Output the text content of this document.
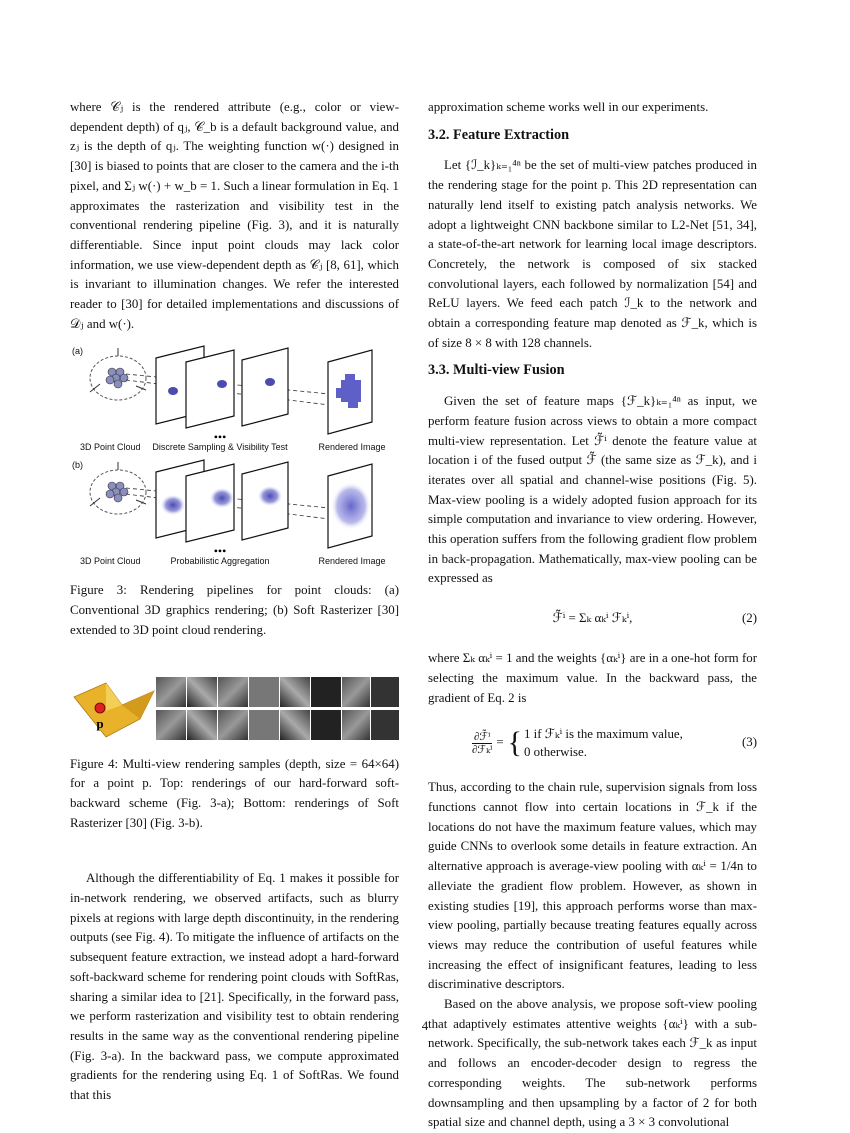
where 𝒞ⱼ is the rendered attribute (e.g., color or view-dependent depth) of qⱼ, 𝒞_b is a default background value, and zⱼ is the depth of qⱼ. The weighting function w(·) designed in [30] is biased to points that are closer to the camera and the i-th pixel, and Σⱼ w(·) + w_b = 1. Such a linear formulation in Eq. 1 approximates the rasterization and visibility test in the conventional rendering pipeline (Fig. 3), and it is naturally differentiable. Since input point clouds may lack color information, we use view-dependent depth as 𝒞ⱼ [8, 61], which is invariant to illumination changes. We refer the interested reader to [30] for detailed implementations and discussions of 𝒟ⱼ and w(·).

(a)
•••
3D Point Cloud Discrete Sampling & Visibility Test	Rendered Image
(b)
•••
3D Point Cloud	Probabilistic Aggregation	Rendered Image

Figure 3: Rendering pipelines for point clouds: (a) Conventional 3D graphics rendering; (b) Soft Rasterizer [30] extended to 3D point cloud rendering.

p

Figure 4: Multi-view rendering samples (depth, size = 64×64) for a point p. Top: renderings of our hard-forward soft-backward scheme (Fig. 3-a); Bottom: renderings of Soft Rasterizer [30] (Fig. 3-b).

Although the differentiability of Eq. 1 makes it possible for in-network rendering, we observed artifacts, such as blurry pixels at regions with large depth discontinuity, in the rendering outputs (see Fig. 4). To mitigate the influence of artifacts on the subsequent feature extraction, we instead adopt a hard-forward soft-backward scheme for rendering point clouds with SoftRas, sharing a similar idea to [21]. Specifically, in the forward pass, we perform rasterization and visibility test to obtain rendering results in the same way as the conventional rendering pipeline (Fig. 3-a). In the backward pass, we compute approximated gradients for the rendering using Eq. 1 of SoftRas. We found that this

approximation scheme works well in our experiments.

3.2. Feature Extraction

Let {ℐ_k}ₖ₌₁⁴ⁿ be the set of multi-view patches produced in the rendering stage for the point p. This 2D representation can naturally lend itself to existing patch analysis networks. We adopt a lightweight CNN backbone similar to L2-Net [51, 34], a state-of-the-art network for learning local image descriptors. Concretely, the network is composed of six stacked convolutional layers, each followed by normalization [54] and ReLU layers. We feed each patch ℐ_k to the network and obtain a corresponding feature map denoted as ℱ_k, which is of size 8 × 8 with 128 channels.

3.3. Multi-view Fusion

Given the set of feature maps {ℱ_k}ₖ₌₁⁴ⁿ as input, we perform feature fusion across views to obtain a more compact multi-view representation. Let ℱ̃ⁱ denote the feature value at location i of the fused output ℱ̃ (the same size as ℱ_k), and i iterates over all spatial and channel-wise positions (Fig. 5). Max-view pooling is a widely adopted fusion approach for its simple computation and invariance to view ordering. However, this operation suffers from the following gradient flow problem in back-propagation. Mathematically, max-view pooling can be expressed as

ℱ̃ⁱ = Σₖ αₖⁱ ℱₖⁱ,	(2)

where Σₖ αₖⁱ = 1 and the weights {αₖⁱ} are in a one-hot form for selecting the maximum value. In the backward pass, the gradient of Eq. 2 is

$\frac{\text{∂ℱ̃ⁱ}}{\text{∂ℱₖⁱ}}$ = { 1 if ℱₖⁱ is the maximum value,
0 otherwise.
(3)

Thus, according to the chain rule, supervision signals from loss functions cannot flow into certain locations in ℱ_k if the locations do not have the maximum feature values, which may guide CNNs to overlook some details in feature extraction. An alternative approach is average-view pooling with αₖⁱ = 1/4n to alleviate the gradient flow problem. However, as shown in existing studies [19], this approach performs worse than max-view pooling, partially because treating features equally across views may reduce the contribution of useful features while increasing the effect of insignificant features, leading to less discriminative descriptors.

Based on the above analysis, we propose soft-view pooling that adaptively estimates attentive weights {αₖⁱ} with a sub-network. Specifically, the sub-network takes each ℱ_k as input and follows an encoder-decoder design to regress the corresponding weights. The sub-network performs downsampling and then upsampling by a factor of 2 for both spatial size and channel depth, using a 3 × 3 convolutional

4
